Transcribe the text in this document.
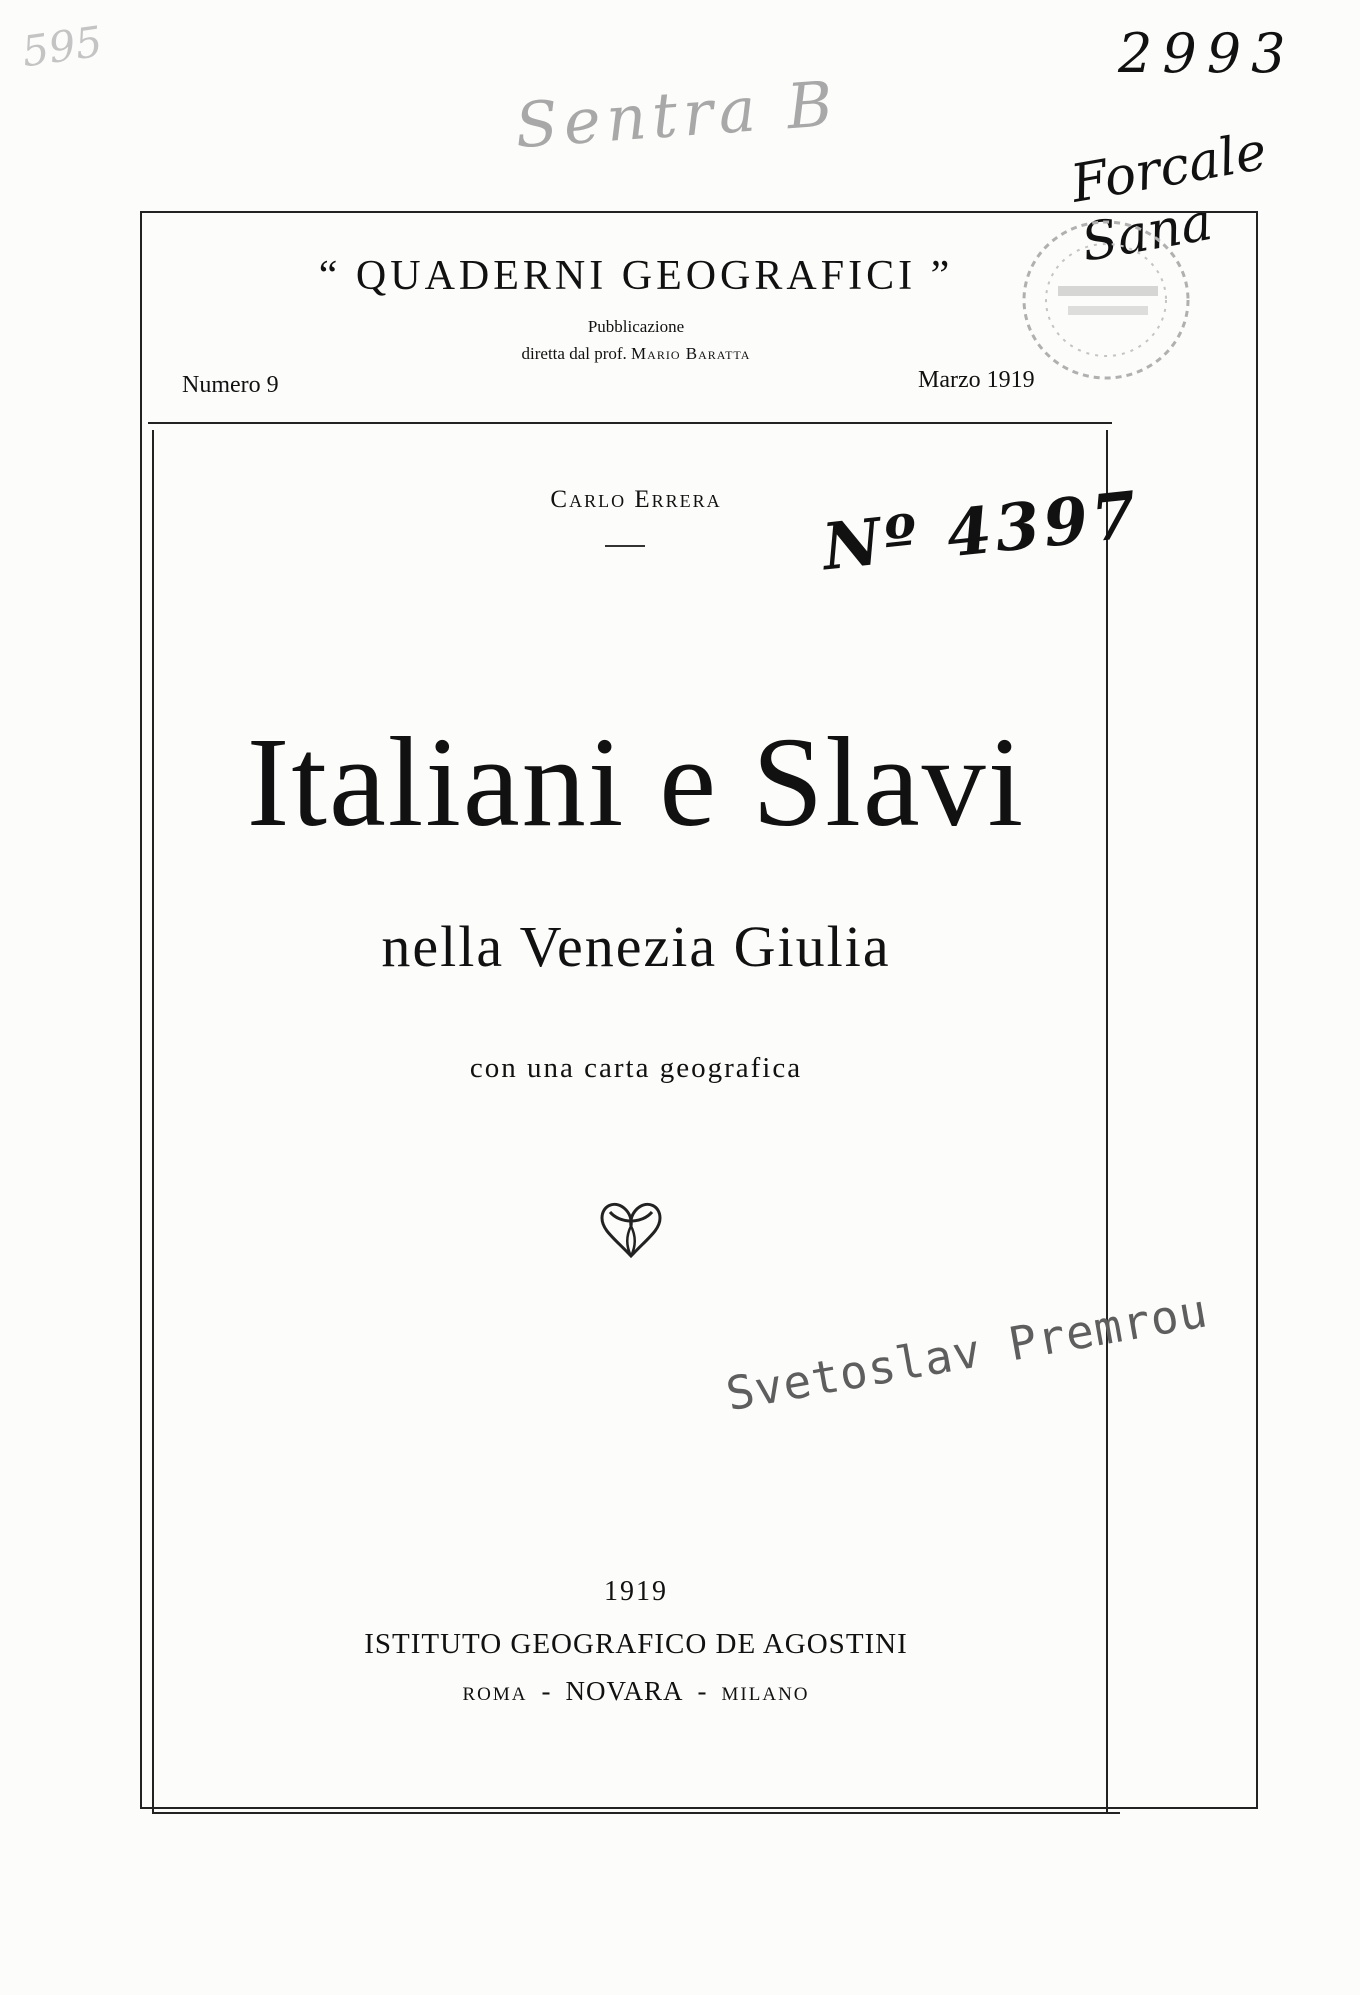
595
Sentra B
2993
Forcale Sana
“ QUADERNI GEOGRAFICI ”
Pubblicazione
diretta dal prof. Mario Baratta
Numero 9	Marzo 1919
Carlo Errera	Nº 4397
Italiani e Slavi
nella Venezia Giulia
con una carta geografica
Svetoslav Premrou
1919
ISTITUTO GEOGRAFICO DE AGOSTINI
ROMA - NOVARA - MILANO
